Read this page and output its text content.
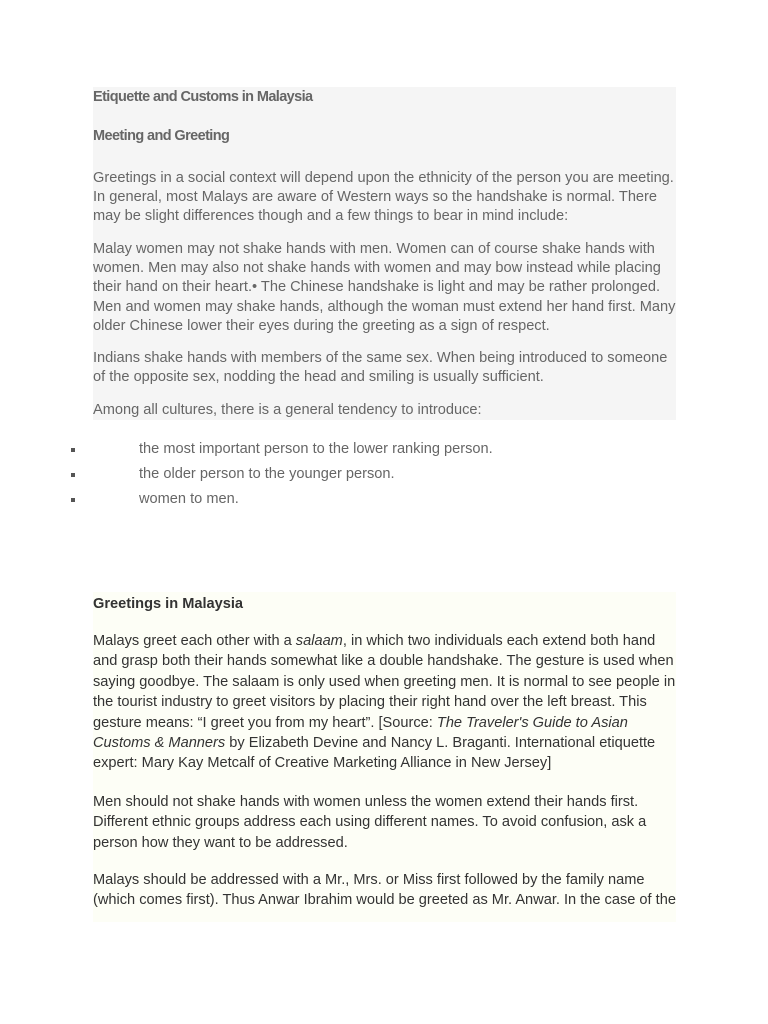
Etiquette and Customs in Malaysia

Meeting and Greeting

Greetings in a social context will depend upon the ethnicity of the person you are meeting. In general, most Malays are aware of Western ways so the handshake is normal. There may be slight differences though and a few things to bear in mind include:

Malay women may not shake hands with men. Women can of course shake hands with women. Men may also not shake hands with women and may bow instead while placing their hand on their heart.• The Chinese handshake is light and may be rather prolonged. Men and women may shake hands, although the woman must extend her hand first. Many older Chinese lower their eyes during the greeting as a sign of respect.

Indians shake hands with members of the same sex. When being introduced to someone of the opposite sex, nodding the head and smiling is usually sufficient.

Among all cultures, there is a general tendency to introduce:

the most important person to the lower ranking person.
the older person to the younger person.
women to men.

Greetings in Malaysia

Malays greet each other with a salaam, in which two individuals each extend both hand and grasp both their hands somewhat like a double handshake. The gesture is used when saying goodbye. The salaam is only used when greeting men. It is normal to see people in the tourist industry to greet visitors by placing their right hand over the left breast. This gesture means: “I greet you from my heart”. [Source: The Traveler's Guide to Asian Customs & Manners by Elizabeth Devine and Nancy L. Braganti. International etiquette expert: Mary Kay Metcalf of Creative Marketing Alliance in New Jersey]

Men should not shake hands with women unless the women extend their hands first. Different ethnic groups address each using different names. To avoid confusion, ask a person how they want to be addressed.

Malays should be addressed with a Mr., Mrs. or Miss first followed by the family name (which comes first). Thus Anwar Ibrahim would be greeted as Mr. Anwar. In the case of the
